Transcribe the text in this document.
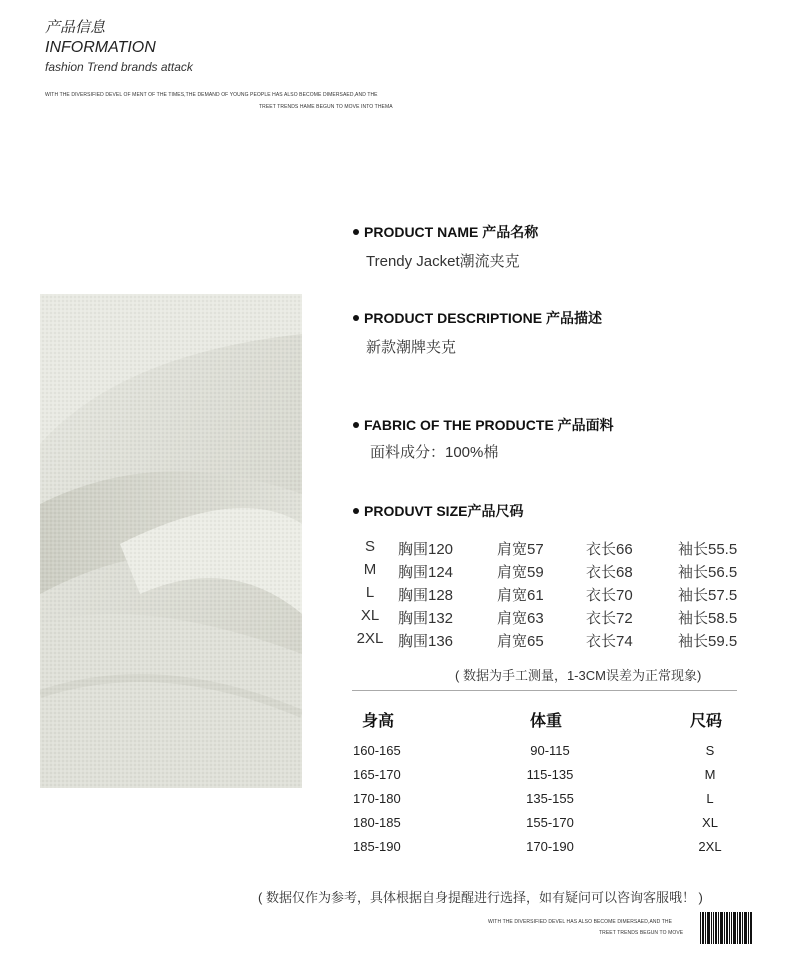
产品信息
INFORMATION
fashion Trend brands attack
WITH THE DIVERSIFIED DEVEL OF MENT OF THE TIMES,THE DEMAND OF YOUNG PEOPLE HAS ALSO BECOME DIMERSAED,AND THE
TREET TRENDS HAME BEGUN TO MOVE INTO THEMA
PRODUCT NAME 产品名称
Trendy Jacket潮流夹克
PRODUCT DESCRIPTIONE 产品描述
新款潮牌夹克
FABRIC OF THE PRODUCTE 产品面料
面料成分：100%棉
PRODUVT SIZE产品尺码
S	胸围120	肩宽57	衣长66	袖长55.5
M	胸围124	肩宽59	衣长68	袖长56.5
L	胸围128	肩宽61	衣长70	袖长57.5
XL	胸围132	肩宽63	衣长72	袖长58.5
2XL 胸围136	肩宽65	衣长74	袖长59.5
( 数据为手工测量，1-3CM误差为正常现象)
身高	体重	尺码
160-165	90-115	S
165-170	115-135	M
170-180	135-155	L
180-185	155-170	XL
185-190	170-190	2XL
( 数据仅作为参考，具体根据自身提醒进行选择，如有疑问可以咨询客服哦！ )
WITH THE DIVERSIFIED DEVEL HAS ALSO BECOME DIMERSAED,AND THE
TREET TRENDS BEGUN TO MOVE
